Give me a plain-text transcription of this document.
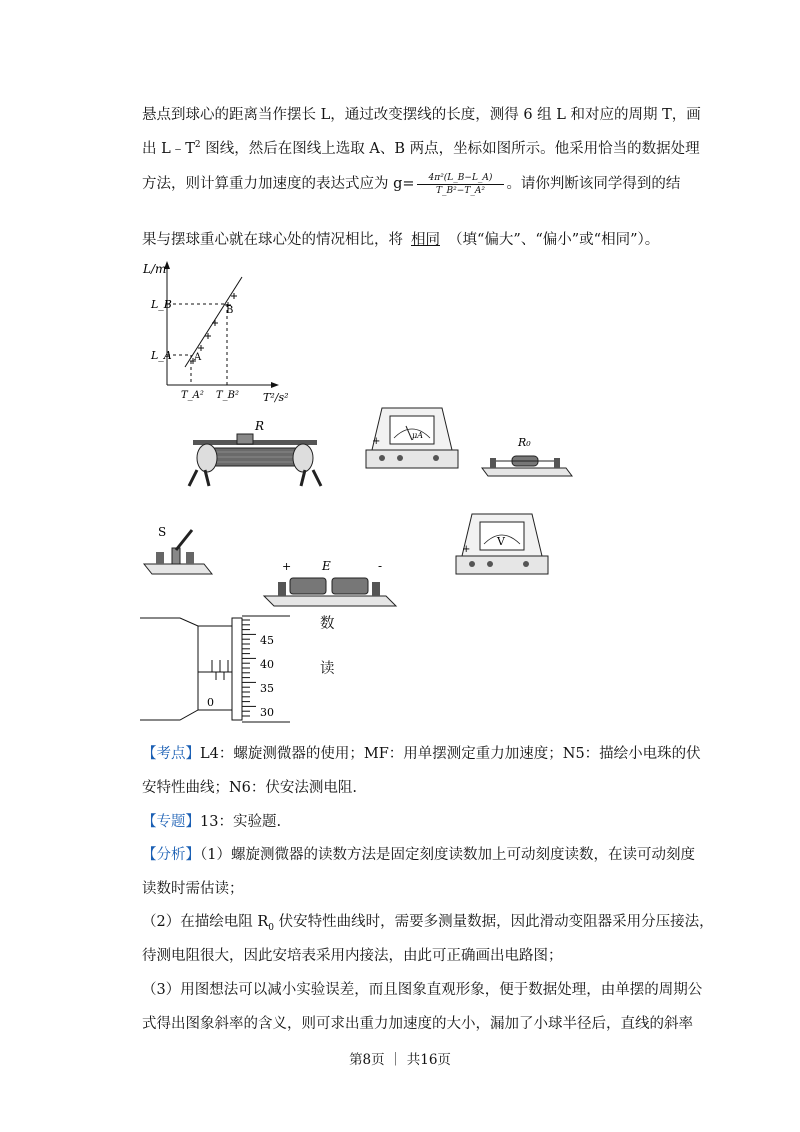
悬点到球心的距离当作摆长 L，通过改变摆线的长度，测得 6 组 L 和对应的周期 T，画
出 $L﹣T^2$ 图线，然后在图线上选取 A、B 两点，坐标如图所示。他采用恰当的数据处理
方法，则计算重力加速度的表达式应为 $g= \frac{\text{4π²(L\_B−L\_A)}}{\text{T\_B²−T\_A²}}$ 。请你判断该同学得到的结
果与摆球重心就在球心处的情况相比，将 相同 （填“偏大”、“偏小”或“相同”）。
L/m
T²/s²
L_B
L_A
T_A² T_B²
A
B
R
μA
+	R₀
S
V
+
+	E	-
0
45
40
35
30
数
读
【考点】L4：螺旋测微器的使用；MF：用单摆测定重力加速度；N5：描绘小电珠的伏
安特性曲线；N6：伏安法测电阻.
【专题】13：实验题.
【分析】（1）螺旋测微器的读数方法是固定刻度读数加上可动刻度读数，在读可动刻度
读数时需估读；
（2）在描绘电阻 $R_0$ 伏安特性曲线时，需要多测量数据，因此滑动变阻器采用分压接法，
待测电阻很大，因此安培表采用内接法，由此可正确画出电路图；
（3）用图想法可以减小实验误差，而且图象直观形象，便于数据处理，由单摆的周期公
式得出图象斜率的含义，则可求出重力加速度的大小，漏加了小球半径后，直线的斜率
第8页 ｜ 共16页
